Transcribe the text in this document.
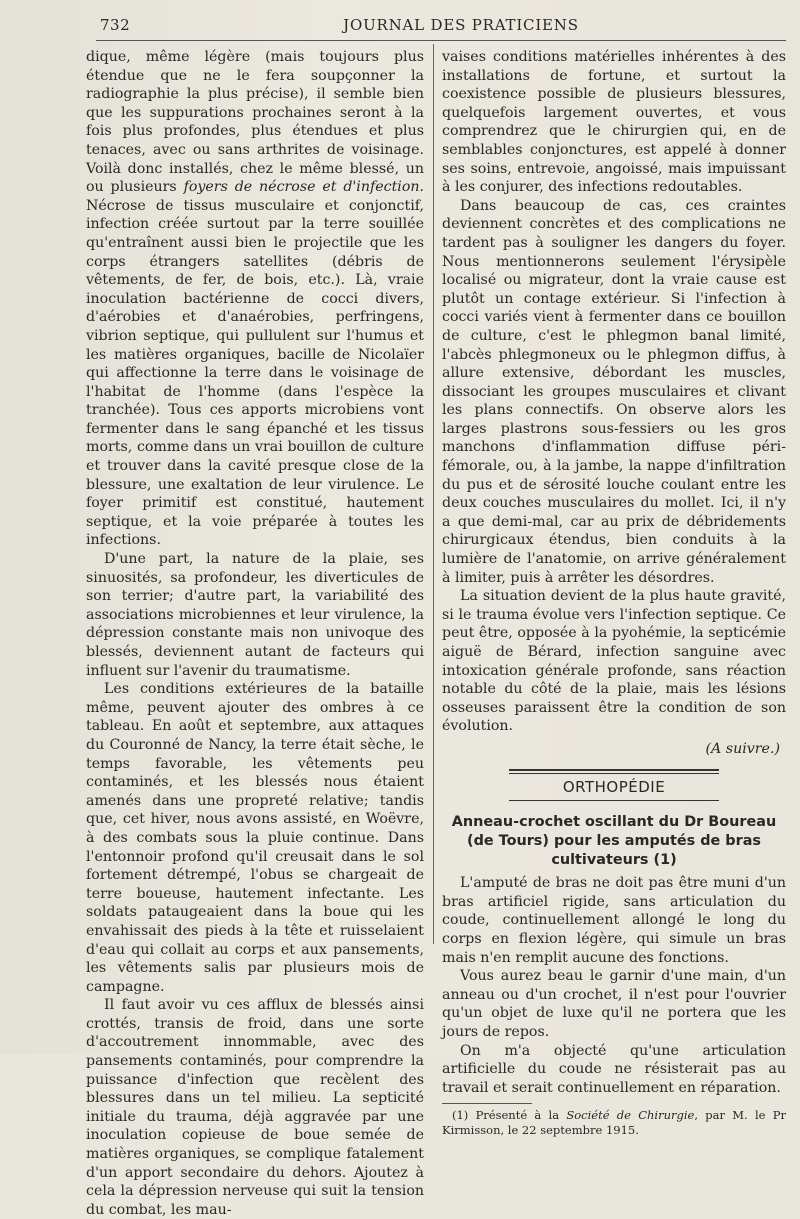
732	JOURNAL DES PRATICIENS

dique, même légère (mais toujours plus étendue que ne le fera soupçonner la radiographie la plus précise), il semble bien que les suppurations prochaines seront à la fois plus profondes, plus étendues et plus tenaces, avec ou sans arthrites de voisinage. Voilà donc installés, chez le même blessé, un ou plusieurs foyers de nécrose et d'infection. Nécrose de tissus musculaire et conjonctif, infection créée surtout par la terre souillée qu'entraînent aussi bien le projectile que les corps étrangers satellites (débris de vêtements, de fer, de bois, etc.). Là, vraie inoculation bactérienne de cocci divers, d'aérobies et d'anaérobies, perfringens, vibrion septique, qui pullulent sur l'humus et les matières organiques, bacille de Nicolaïer qui affectionne la terre dans le voisinage de l'habitat de l'homme (dans l'espèce la tranchée). Tous ces apports microbiens vont fermenter dans le sang épanché et les tissus morts, comme dans un vrai bouillon de culture et trouver dans la cavité presque close de la blessure, une exaltation de leur virulence. Le foyer primitif est constitué, hautement septique, et la voie préparée à toutes les infections.

D'une part, la nature de la plaie, ses sinuosités, sa profondeur, les diverticules de son terrier; d'autre part, la variabilité des associations microbiennes et leur virulence, la dépression constante mais non univoque des blessés, deviennent autant de facteurs qui influent sur l'avenir du traumatisme.

Les conditions extérieures de la bataille même, peuvent ajouter des ombres à ce tableau. En août et septembre, aux attaques du Couronné de Nancy, la terre était sèche, le temps favorable, les vêtements peu contaminés, et les blessés nous étaient amenés dans une propreté relative; tandis que, cet hiver, nous avons assisté, en Woëvre, à des combats sous la pluie continue. Dans l'entonnoir profond qu'il creusait dans le sol fortement détrempé, l'obus se chargeait de terre boueuse, hautement infectante. Les soldats pataugeaient dans la boue qui les envahissait des pieds à la tête et ruisselaient d'eau qui collait au corps et aux pansements, les vêtements salis par plusieurs mois de campagne.

Il faut avoir vu ces afflux de blessés ainsi crottés, transis de froid, dans une sorte d'accoutrement innommable, avec des pansements contaminés, pour comprendre la puissance d'infection que recèlent des blessures dans un tel milieu. La septicité initiale du trauma, déjà aggravée par une inoculation copieuse de boue semée de matières organiques, se complique fatalement d'un apport secondaire du dehors. Ajoutez à cela la dépression nerveuse qui suit la tension du combat, les mau-

vaises conditions matérielles inhérentes à des installations de fortune, et surtout la coexistence possible de plusieurs blessures, quelquefois largement ouvertes, et vous comprendrez que le chirurgien qui, en de semblables conjonctures, est appelé à donner ses soins, entrevoie, angoissé, mais impuissant à les conjurer, des infections redoutables.

Dans beaucoup de cas, ces craintes deviennent concrètes et des complications ne tardent pas à souligner les dangers du foyer. Nous mentionnerons seulement l'érysipèle localisé ou migrateur, dont la vraie cause est plutôt un contage extérieur. Si l'infection à cocci variés vient à fermenter dans ce bouillon de culture, c'est le phlegmon banal limité, l'abcès phlegmoneux ou le phlegmon diffus, à allure extensive, débordant les muscles, dissociant les groupes musculaires et clivant les plans connectifs. On observe alors les larges plastrons sous-fessiers ou les gros manchons d'inflammation diffuse péri-fémorale, ou, à la jambe, la nappe d'infiltration du pus et de sérosité louche coulant entre les deux couches musculaires du mollet. Ici, il n'y a que demi-mal, car au prix de débridements chirurgicaux étendus, bien conduits à la lumière de l'anatomie, on arrive généralement à limiter, puis à arrêter les désordres.

La situation devient de la plus haute gravité, si le trauma évolue vers l'infection septique. Ce peut être, opposée à la pyohémie, la septicémie aiguë de Bérard, infection sanguine avec intoxication générale profonde, sans réaction notable du côté de la plaie, mais les lésions osseuses paraissent être la condition de son évolution.

(A suivre.)
ORTHOPÉDIE
Anneau-crochet oscillant du Dr Boureau (de Tours) pour les amputés de bras cultivateurs (1)

L'amputé de bras ne doit pas être muni d'un bras artificiel rigide, sans articulation du coude, continuellement allongé le long du corps en flexion légère, qui simule un bras mais n'en remplit aucune des fonctions.

Vous aurez beau le garnir d'une main, d'un anneau ou d'un crochet, il n'est pour l'ouvrier qu'un objet de luxe qu'il ne portera que les jours de repos.

On m'a objecté qu'une articulation artificielle du coude ne résisterait pas au travail et serait continuellement en réparation.

(1) Présenté à la Société de Chirurgie, par M. le Pr Kirmisson, le 22 septembre 1915.
